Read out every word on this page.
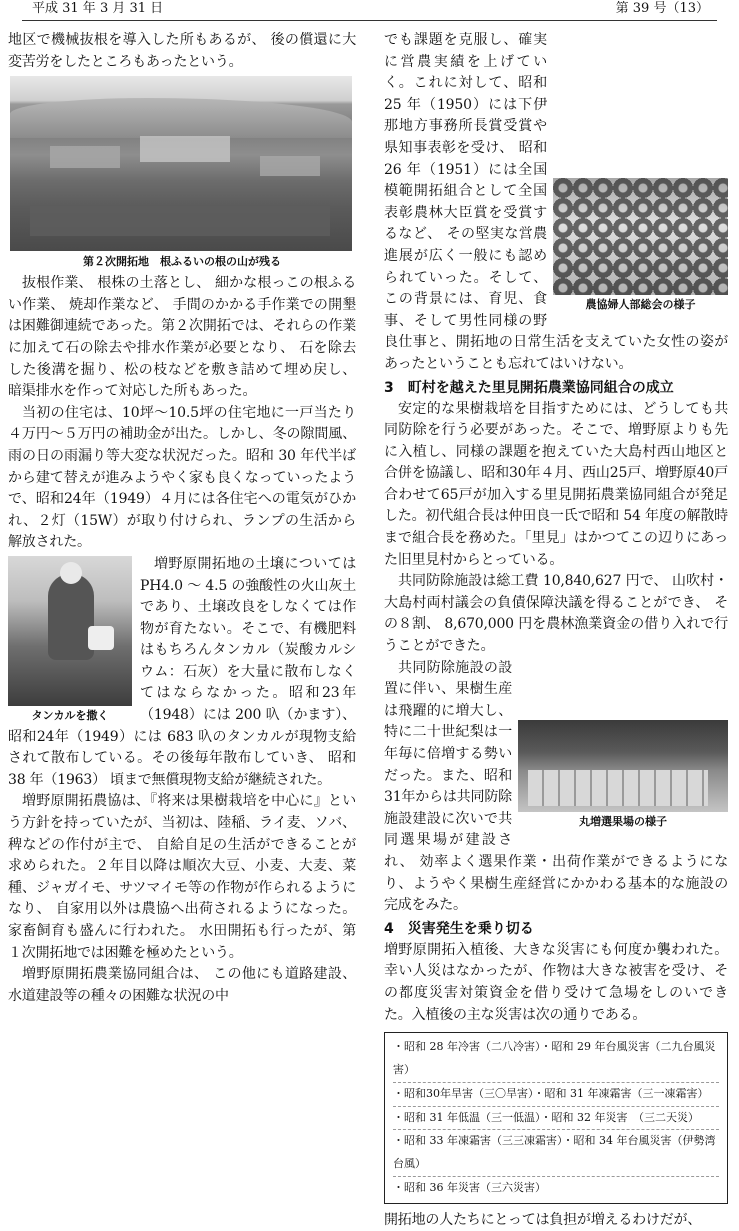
平成 31 年 3 月 31 日	第 39 号（13）

地区で機械抜根を導入した所もあるが、 後の償還に大変苦労をしたところもあったという。

第２次開拓地　根ふるいの根の山が残る

抜根作業、 根株の土落とし、 細かな根っこの根ふるい作業、 焼却作業など、 手間のかかる手作業での開墾は困難御連続であった。第２次開拓では、それらの作業に加えて石の除去や排水作業が必要となり、 石を除去した後溝を掘り、松の枝などを敷き詰めて埋め戻し、 暗渠排水を作って対応した所もあった。

当初の住宅は、10坪～10.5坪の住宅地に一戸当たり４万円～５万円の補助金が出た。しかし、冬の隙間風、雨の日の雨漏り等大変な状況だった。昭和 30 年代半ばから建て替えが進みようやく家も良くなっていったようで、昭和24年（1949）４月には各住宅への電気がひかれ、２灯（15W）が取り付けられ、ランプの生活から解放された。

タンカルを撒く

増野原開拓地の土壌については PH4.0 ～ 4.5 の強酸性の火山灰土であり、土壌改良をしなくては作物が育たない。そこで、有機肥料はもちろんタンカル（炭酸カルシウム：石灰）を大量に散布しなくてはならなかった。昭和23年（1948）には 200 叺（かます）、昭和24年（1949）には 683 叺のタンカルが現物支給されて散布している。その後毎年散布していき、 昭和 38 年（1963） 頃まで無償現物支給が継続された。

増野原開拓農協は、『将来は果樹栽培を中心に』という方針を持っていたが、当初は、陸稲、ライ麦、ソバ、稗などの作付が主で、 自給自足の生活ができることが求められた。２年目以降は順次大豆、小麦、大麦、菜種、ジャガイモ、サツマイモ等の作物が作られるようになり、 自家用以外は農協へ出荷されるようになった。 家畜飼育も盛んに行われた。 水田開拓も行ったが、第１次開拓地では困難を極めたという。

増野原開拓農業協同組合は、 この他にも道路建設、 水道建設等の種々の困難な状況の中

農協婦人部総会の様子

でも課題を克服し、確実に営農実績を上げていく。これに対して、昭和 25 年（1950）には下伊那地方事務所長賞受賞や県知事表彰を受け、 昭和 26 年（1951）には全国模範開拓組合として全国表彰農林大臣賞を受賞するなど、 その堅実な営農進展が広く一般にも認められていった。そして、この背景には、育児、食事、そして男性同様の野良仕事と、開拓地の日常生活を支えていた女性の姿があったということも忘れてはいけない。

3　町村を越えた里見開拓農業協同組合の成立

安定的な果樹栽培を目指すためには、どうしても共同防除を行う必要があった。そこで、増野原よりも先に入植し、同様の課題を抱えていた大島村西山地区と合併を協議し、昭和30年４月、西山25戸、増野原40戸合わせて65戸が加入する里見開拓農業協同組合が発足した。初代組合長は仲田良一氏で昭和 54 年度の解散時まで組合長を務めた。「里見」はかつてこの辺りにあった旧里見村からとっている。

共同防除施設は総工費 10,840,627 円で、 山吹村・大島村両村議会の負債保障決議を得ることができ、 その８割、 8,670,000 円を農林漁業資金の借り入れで行うことができた。

丸増選果場の様子

共同防除施設の設置に伴い、果樹生産は飛躍的に増大し、特に二十世紀梨は一年毎に倍増する勢いだった。また、昭和31年からは共同防除施設建設に次いで共同選果場が建設され、 効率よく選果作業・出荷作業ができるようになり、ようやく果樹生産経営にかかわる基本的な施設の完成をみた。

4　災害発生を乗り切る

増野原開拓入植後、大きな災害にも何度か襲われた。幸い人災はなかったが、作物は大きな被害を受け、その都度災害対策資金を借り受けて急場をしのいできた。入植後の主な災害は次の通りである。

・昭和 28 年冷害（二八冷害）・昭和 29 年台風災害（二九台風災害）
・昭和30年旱害（三〇旱害）・昭和 31 年凍霜害（三一凍霜害）
・昭和 31 年低温（三一低温）・昭和 32 年災害　（三二天災）
・昭和 33 年凍霜害（三三凍霜害）・昭和 34 年台風災害（伊勢湾台風）
・昭和 36 年災害（三六災害）

開拓地の人たちにとっては負担が増えるわけだが、
